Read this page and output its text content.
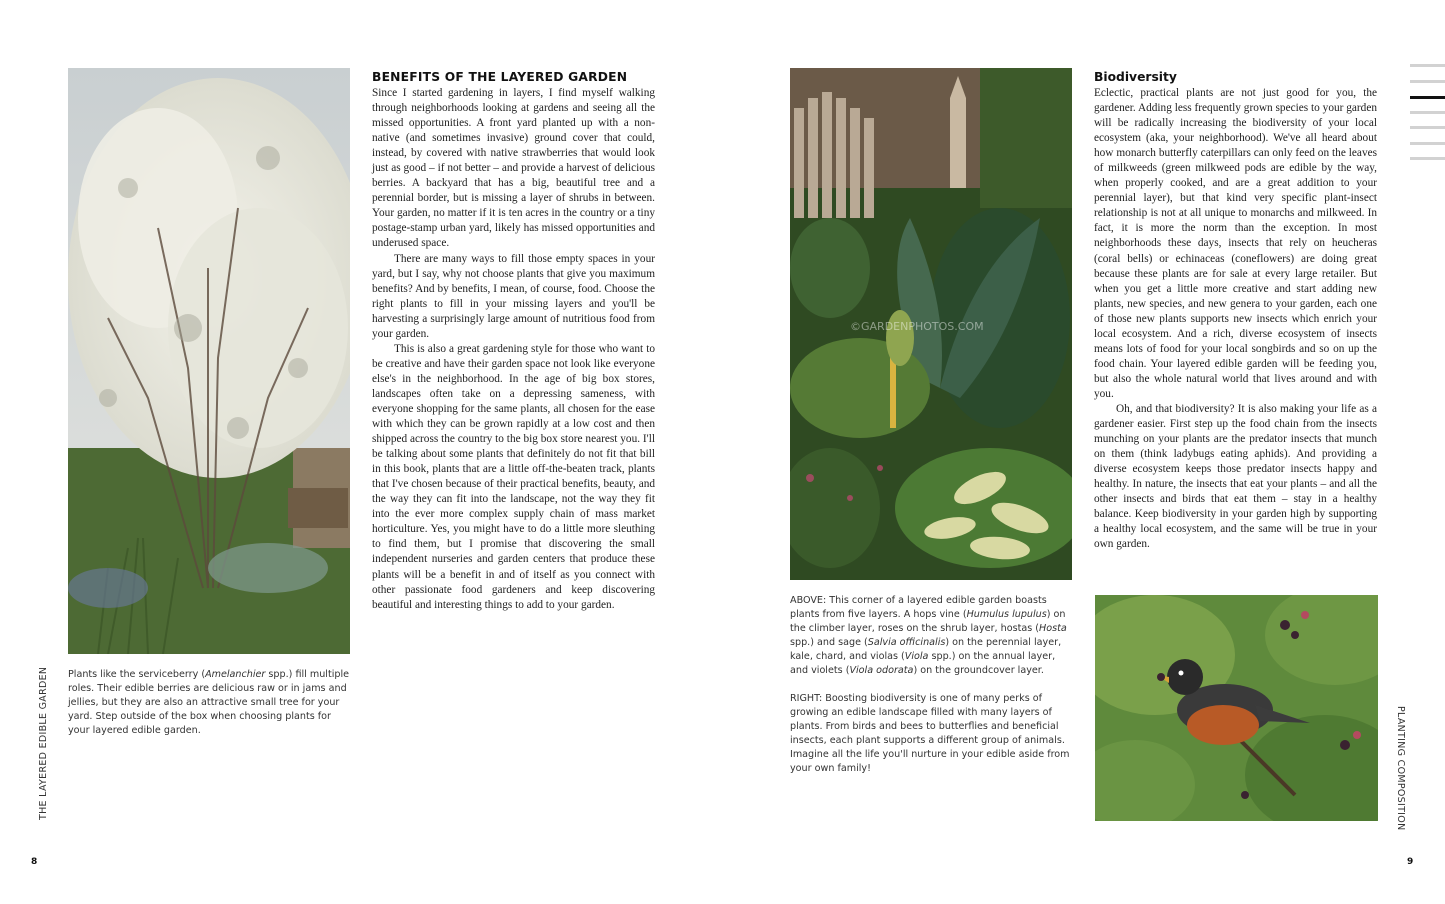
Plants like the serviceberry (Amelanchier spp.) fill multiple roles. Their edible berries are delicious raw or in jams and jellies, but they are also an attractive small tree for your yard. Step outside of the box when choosing plants for your layered edible garden.
BENEFITS OF THE LAYERED GARDEN

Since I started gardening in layers, I find myself walking through neighborhoods looking at gardens and seeing all the missed opportunities. A front yard planted up with a non-native (and sometimes invasive) ground cover that could, instead, by covered with native strawberries that would look just as good – if not better – and provide a harvest of delicious berries. A backyard that has a big, beautiful tree and a perennial border, but is missing a layer of shrubs in between. Your garden, no matter if it is ten acres in the country or a tiny postage-stamp urban yard, likely has missed opportunities and underused space.

There are many ways to fill those empty spaces in your yard, but I say, why not choose plants that give you maximum benefits? And by benefits, I mean, of course, food. Choose the right plants to fill in your missing layers and you'll be harvesting a surprisingly large amount of nutritious food from your garden.

This is also a great gardening style for those who want to be creative and have their garden space not look like everyone else's in the neighborhood. In the age of big box stores, landscapes often take on a depressing sameness, with everyone shopping for the same plants, all chosen for the ease with which they can be grown rapidly at a low cost and then shipped across the country to the big box store nearest you. I'll be talking about some plants that definitely do not fit that bill in this book, plants that are a little off-the-beaten track, plants that I've chosen because of their practical benefits, beauty, and the way they can fit into the landscape, not the way they fit into the ever more complex supply chain of mass market horticulture. Yes, you might have to do a little more sleuthing to find them, but I promise that discovering the small independent nurseries and garden centers that produce these plants will be a benefit in and of itself as you connect with other passionate food gardeners and keep discovering beautiful and interesting things to add to your garden.

THE LAYERED EDIBLE GARDEN
8
©GARDENPHOTOS.COM

ABOVE: This corner of a layered edible garden boasts plants from five layers. A hops vine (Humulus lupulus) on the climber layer, roses on the shrub layer, hostas (Hosta spp.) and sage (Salvia officinalis) on the perennial layer, kale, chard, and violas (Viola spp.) on the annual layer, and violets (Viola odorata) on the groundcover layer.

RIGHT: Boosting biodiversity is one of many perks of growing an edible landscape filled with many layers of plants. From birds and bees to butterflies and beneficial insects, each plant supports a different group of animals. Imagine all the life you'll nurture in your edible aside from your own family!

Biodiversity

Eclectic, practical plants are not just good for you, the gardener. Adding less frequently grown species to your garden will be radically increasing the biodiversity of your local ecosystem (aka, your neighborhood). We've all heard about how monarch butterfly caterpillars can only feed on the leaves of milkweeds (green milkweed pods are edible by the way, when properly cooked, and are a great addition to your perennial layer), but that kind very specific plant-insect relationship is not at all unique to monarchs and milkweed. In fact, it is more the norm than the exception. In most neighborhoods these days, insects that rely on heucheras (coral bells) or echinaceas (coneflowers) are doing great because these plants are for sale at every large retailer. But when you get a little more creative and start adding new plants, new species, and new genera to your garden, each one of those new plants supports new insects which enrich your local ecosystem. And a rich, diverse ecosystem of insects means lots of food for your local songbirds and so on up the food chain. Your layered edible garden will be feeding you, but also the whole natural world that lives around and with you.

Oh, and that biodiversity? It is also making your life as a gardener easier. First step up the food chain from the insects munching on your plants are the predator insects that munch on them (think ladybugs eating aphids). And providing a diverse ecosystem keeps those predator insects happy and healthy. In nature, the insects that eat your plants – and all the other insects and birds that eat them – stay in a healthy balance. Keep biodiversity in your garden high by supporting a healthy local ecosystem, and the same will be true in your own garden.

PLANTING COMPOSITION
9
